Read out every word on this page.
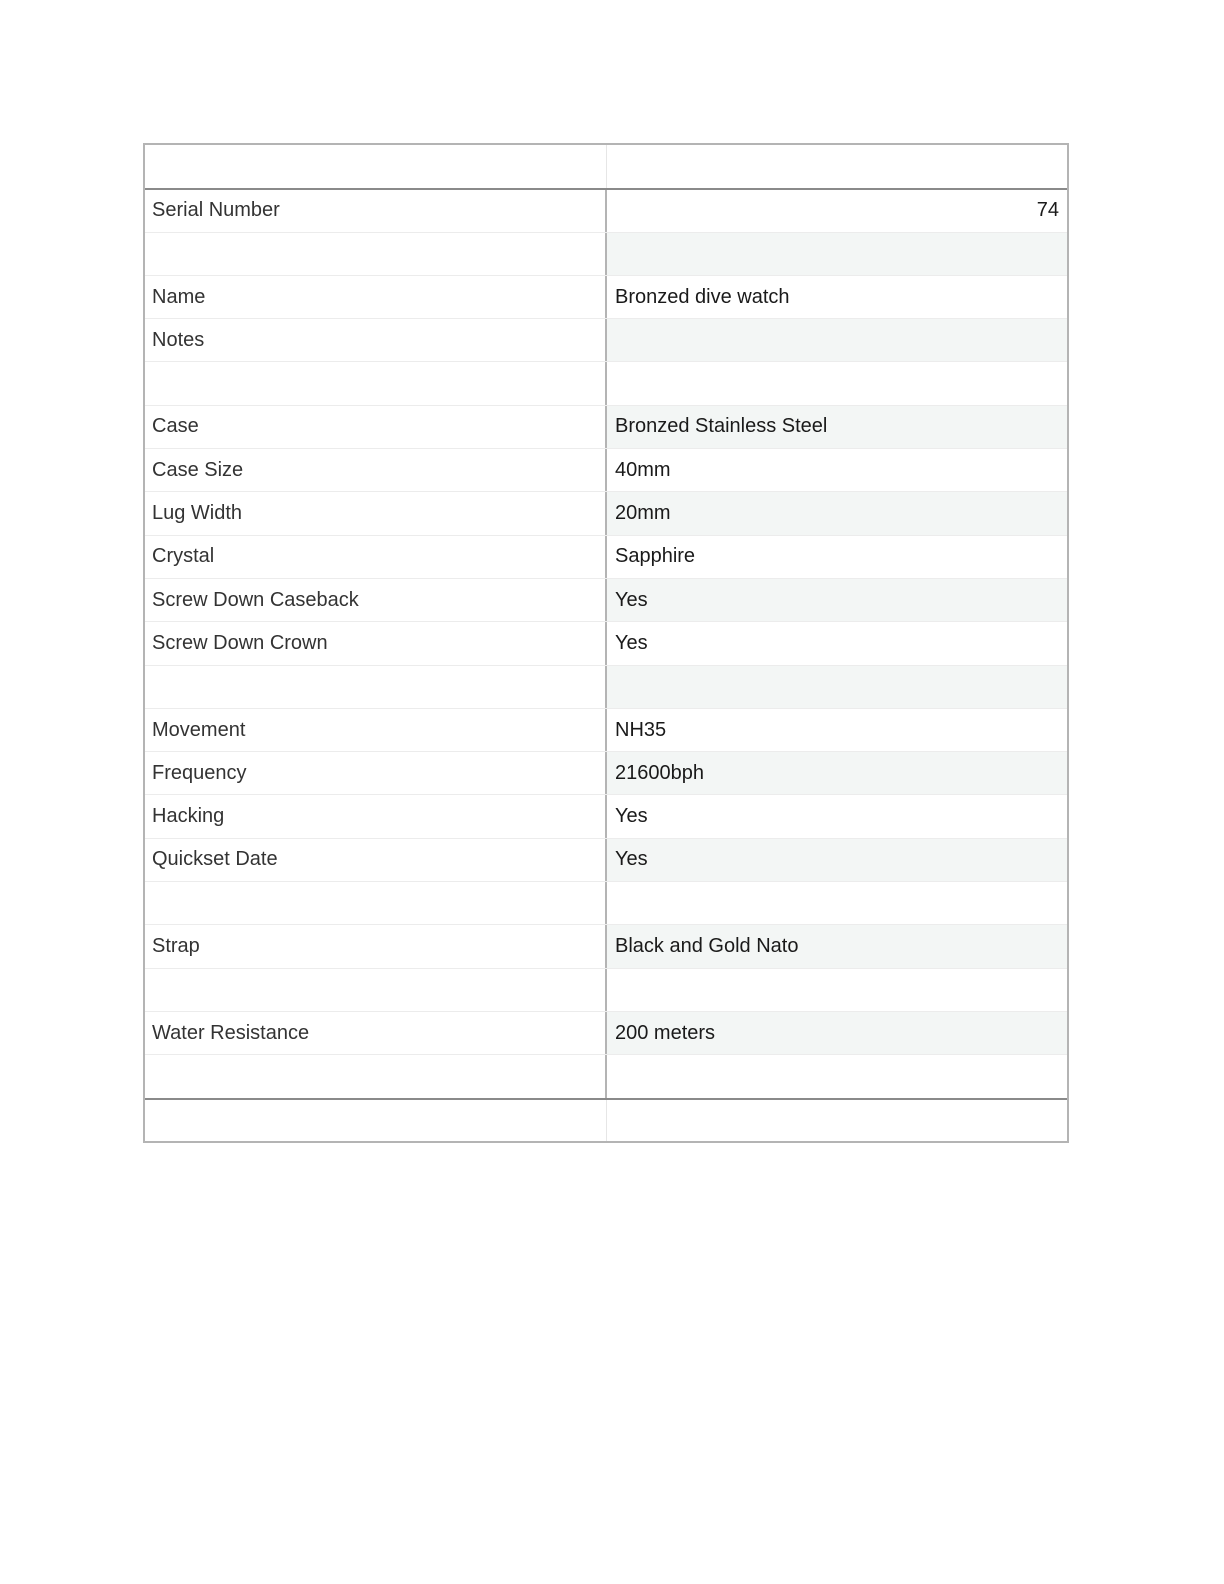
Serial Number	74
Name	Bronzed dive watch
Notes
Case	Bronzed Stainless Steel
Case Size	40mm
Lug Width	20mm
Crystal	Sapphire
Screw Down Caseback	Yes
Screw Down Crown	Yes
Movement	NH35
Frequency	21600bph
Hacking	Yes
Quickset Date	Yes
Strap	Black and Gold Nato
Water Resistance	200 meters
